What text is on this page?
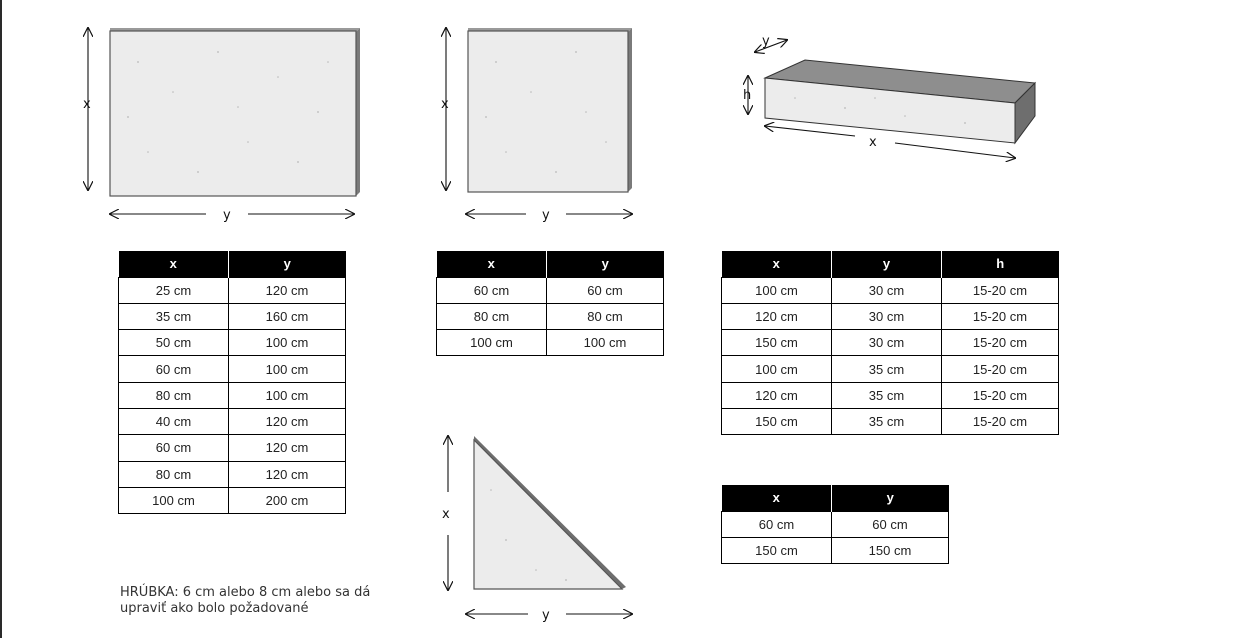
x
y
x
y
y
h
x
x
y
x	y
25 cm	120 cm
35 cm	160 cm
50 cm	100 cm
60 cm	100 cm
80 cm	100 cm
40 cm	120 cm
60 cm	120 cm
80 cm	120 cm
100 cm	200 cm
x	y
60 cm	60 cm
80 cm	80 cm
100 cm	100 cm
x	y	h
100 cm	30 cm	15-20 cm
120 cm	30 cm	15-20 cm
150 cm	30 cm	15-20 cm
100 cm	35 cm	15-20 cm
120 cm	35 cm	15-20 cm
150 cm	35 cm	15-20 cm
x	y
60 cm	60 cm
150 cm	150 cm
HRÚBKA: 6 cm alebo 8 cm alebo sa dá upraviť ako bolo požadované
